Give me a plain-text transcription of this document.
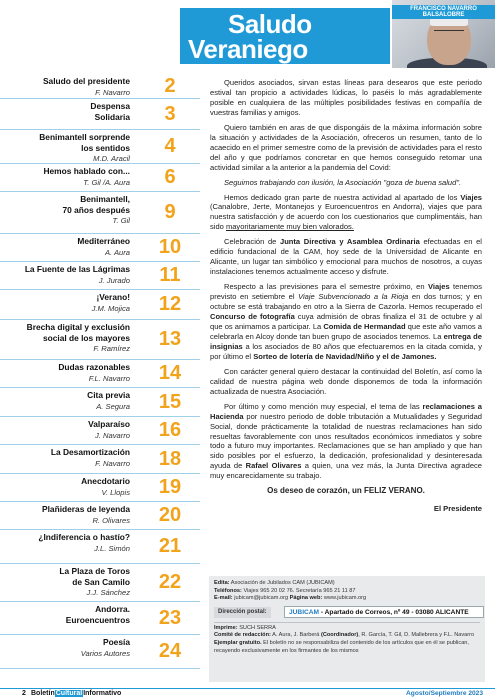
Saludo
Veraniego
FRANCISCO NAVARRO BALSALOBRE
Saludo del presidente
F. Navarro	2
Despensa
Solidaria	3
Benimantell sorprende
los sentidos
M.D. Aracil
4
Hemos hablado con...
T. Gil /A. Aura	6
Benimantell,
70 años después
T. Gil	9
Mediterráneo
A. Aura	10
La Fuente de las Lágrimas
J. Jurado	11
¡Verano!
J.M. Mojica	12
Brecha digital y exclusión
social de los mayores
F. Ramírez	13
Dudas razonables
F.L. Navarro	14
Cita previa
A. Segura	15
Valparaíso
J. Navarro	16
La Desamortización
F. Navarro	18
Anecdotario
V. Llopis	19
Plañideras de leyenda
R. Olivares	20
¿Indiferencia o hastío?
J.L. Simón	21
La Plaza de Toros
de San Camilo
J.J. Sánchez	22
Andorra.
Euroencuentros	23
Poesía
Varios Autores	24

Queridos asociados, sirvan estas líneas para desearos que este periodo estival tan propicio a actividades lúdicas, lo paséis lo más agradablemente posible en cualquiera de las múltiples posibilidades festivas en compañía de vuestras familias y amigos.

Quiero también en aras de que dispongáis de la máxima información sobre la situación y actividades de la Asociación, ofreceros un resumen, tanto de lo acaecido en el primer semestre como de la previsión de actividades para el resto del año y que podríamos concretar en que hemos conseguido retomar una actividad similar a la anterior a la pandemia del Covid:

Seguimos trabajando con ilusión, la Asociación "goza de buena salud".

Hemos dedicado gran parte de nuestra actividad al apartado de los Viajes (Canalobre, Jerte, Montanejos y Euroencuentros en Andorra), viajes que para nuestra satisfacción y de acuerdo con los cuestionarios que cumplimentáis, han sido mayoritariamente muy bien valorados.

Celebración de Junta Directiva y Asamblea Ordinaria efectuadas en el edificio fundacional de la CAM, hoy sede de la Universidad de Alicante en Alicante, un lugar tan simbólico y emocional para muchos de nosotros, a cuyas instalaciones tenemos actualmente acceso y disfrute.

Respecto a las previsiones para el semestre próximo, en Viajes tenemos previsto en setiembre el Viaje Subvencionado a la Rioja en dos turnos; y en octubre se está trabajando en otro a la Sierra de Cazorla. Hemos recuperado el Concurso de fotografía cuya admisión de obras finaliza el 31 de octubre y al que os animamos a participar. La Comida de Hermandad que este año vamos a celebrarla en Alcoy donde tan buen grupo de asociados tenemos. La entrega de insignias a los asociados de 80 años que efectuaremos en la citada comida, y por último el Sorteo de lotería de Navidad/Niño y el de Jamones.

Con carácter general quiero destacar la continuidad del Boletín, así como la calidad de nuestra página web donde disponemos de toda la información actualizada de nuestra Asociación.

Por último y como mención muy especial, el tema de las reclamaciones a Hacienda por nuestro periodo de doble tributación a Mutualidades y Seguridad Social, donde prácticamente la totalidad de nuestras reclamaciones han sido resueltas favorablemente con unos resultados económicos inmediatos y sobre todo a futuro muy importantes. Reclamaciones que se han ampliado y que han sido posibles por el esfuerzo, la dedicación, profesionalidad y desinteresada ayuda de Rafael Olivares a quien, una vez más, la Junta Directiva agradece muy encarecidamente su trabajo.

Os deseo de corazón, un FELIZ VERANO.
El Presidente
Edita: Asociación de Jubilados CAM (JUBICAM)
Teléfonos: Viajes 965 20 02 76. Secretaría 965 21 11 87
E-mail: jubicam@jubicam.org Página web: www.jubicam.org
Dirección postal:	JUBICAM - Apartado de Correos, nº 49 - 03080 ALICANTE
Imprime: SUCH SERRA
Comité de redacción: A. Aura, J. Barberá (Coordinador), R. García, T. Gil, D. Mallebrera y F.L. Navarro
Ejemplar gratuito. El boletín no se responsabiliza del contenido de los artículos que en él se publican, recayendo exclusivamente en los firmantes de los mismos
2 BoletínCulturalInformativo	Agosto/Septiembre 2023
